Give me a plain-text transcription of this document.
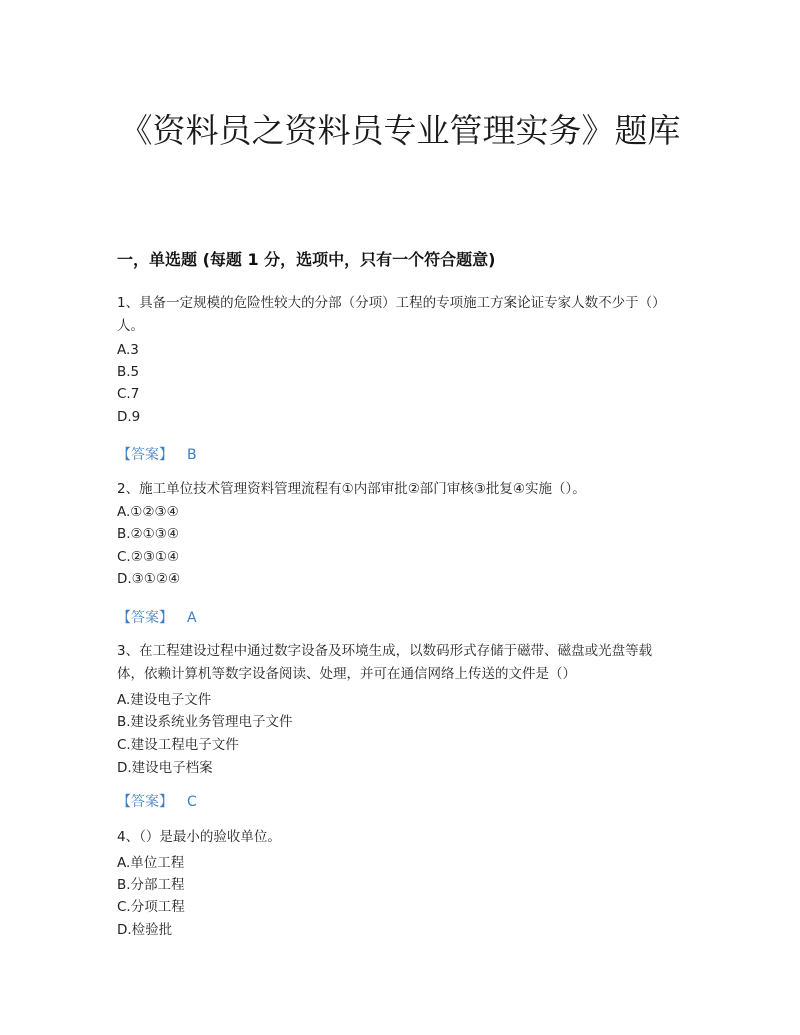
《资料员之资料员专业管理实务》题库
一，单选题 (每题 1 分，选项中，只有一个符合题意)
1、具备一定规模的危险性较大的分部（分项）工程的专项施工方案论证专家人数不少于（）人。
A.3
B.5
C.7
D.9
【答案】 B
2、施工单位技术管理资料管理流程有①内部审批②部门审核③批复④实施（）。
A.①②③④
B.②①③④
C.②③①④
D.③①②④
【答案】 A
3、在工程建设过程中通过数字设备及环境生成，以数码形式存储于磁带、磁盘或光盘等载体，依赖计算机等数字设备阅读、处理，并可在通信网络上传送的文件是（）
A.建设电子文件
B.建设系统业务管理电子文件
C.建设工程电子文件
D.建设电子档案
【答案】 C
4、（）是最小的验收单位。
A.单位工程
B.分部工程
C.分项工程
D.检验批
